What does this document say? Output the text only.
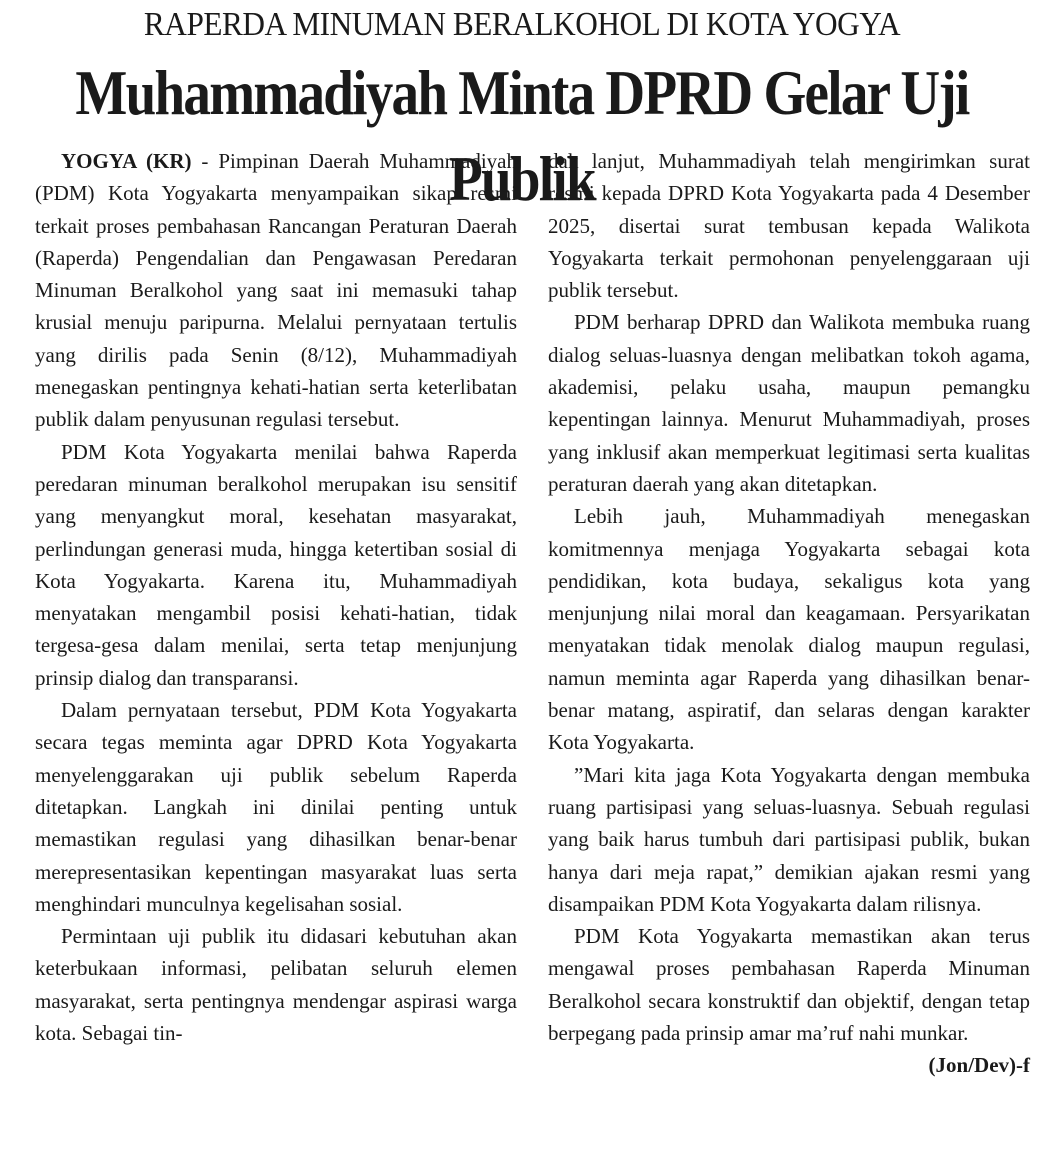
RAPERDA MINUMAN BERALKOHOL DI KOTA YOGYA
Muhammadiyah Minta DPRD Gelar Uji Publik

YOGYA (KR) - Pimpinan Daerah Muhammadiyah (PDM) Kota Yogyakarta menyampaikan sikap resmi terkait proses pembahasan Rancangan Peraturan Daerah (Raperda) Pengendalian dan Pengawasan Peredaran Minuman Beralkohol yang saat ini memasuki tahap krusial menuju paripurna. Melalui pernyataan tertulis yang dirilis pada Senin (8/12), Muhammadiyah menegaskan pentingnya kehati-hatian serta keterlibatan publik dalam penyusunan regulasi tersebut.

PDM Kota Yogyakarta menilai bahwa Raperda peredaran minuman beralkohol merupakan isu sensitif yang menyangkut moral, kesehatan masyarakat, perlindungan generasi muda, hingga ketertiban sosial di Kota Yogyakarta. Karena itu, Muhammadiyah menyatakan mengambil posisi kehati-hatian, tidak tergesa-gesa dalam menilai, serta tetap menjunjung prinsip dialog dan transparansi.

Dalam pernyataan tersebut, PDM Kota Yogyakarta secara tegas meminta agar DPRD Kota Yogyakarta menyelenggarakan uji publik sebelum Raperda ditetapkan. Langkah ini dinilai penting untuk memastikan regulasi yang dihasilkan benar-benar merepresentasikan kepentingan masyarakat luas serta menghindari munculnya kegelisahan sosial.

Permintaan uji publik itu didasari kebutuhan akan keterbukaan informasi, pelibatan seluruh elemen masyarakat, serta pentingnya mendengar aspirasi warga kota. Sebagai tin-

dak lanjut, Muhammadiyah telah mengirimkan surat resmi kepada DPRD Kota Yogyakarta pada 4 Desember 2025, disertai surat tembusan kepada Walikota Yogyakarta terkait permohonan penyelenggaraan uji publik tersebut.

PDM berharap DPRD dan Walikota membuka ruang dialog seluas-luasnya dengan melibatkan tokoh agama, akademisi, pelaku usaha, maupun pemangku kepentingan lainnya. Menurut Muhammadiyah, proses yang inklusif akan memperkuat legitimasi serta kualitas peraturan daerah yang akan ditetapkan.

Lebih jauh, Muhammadiyah menegaskan komitmennya menjaga Yogyakarta sebagai kota pendidikan, kota budaya, sekaligus kota yang menjunjung nilai moral dan keagamaan. Persyarikatan menyatakan tidak menolak dialog maupun regulasi, namun meminta agar Raperda yang dihasilkan benar-benar matang, aspiratif, dan selaras dengan karakter Kota Yogyakarta.

”Mari kita jaga Kota Yogyakarta dengan membuka ruang partisipasi yang seluas-luasnya. Sebuah regulasi yang baik harus tumbuh dari partisipasi publik, bukan hanya dari meja rapat,” demikian ajakan resmi yang disampaikan PDM Kota Yogyakarta dalam rilisnya.

PDM Kota Yogyakarta memastikan akan terus mengawal proses pembahasan Raperda Minuman Beralkohol secara konstruktif dan objektif, dengan tetap berpegang pada prinsip amar ma’ruf nahi munkar.
(Jon/Dev)-f
